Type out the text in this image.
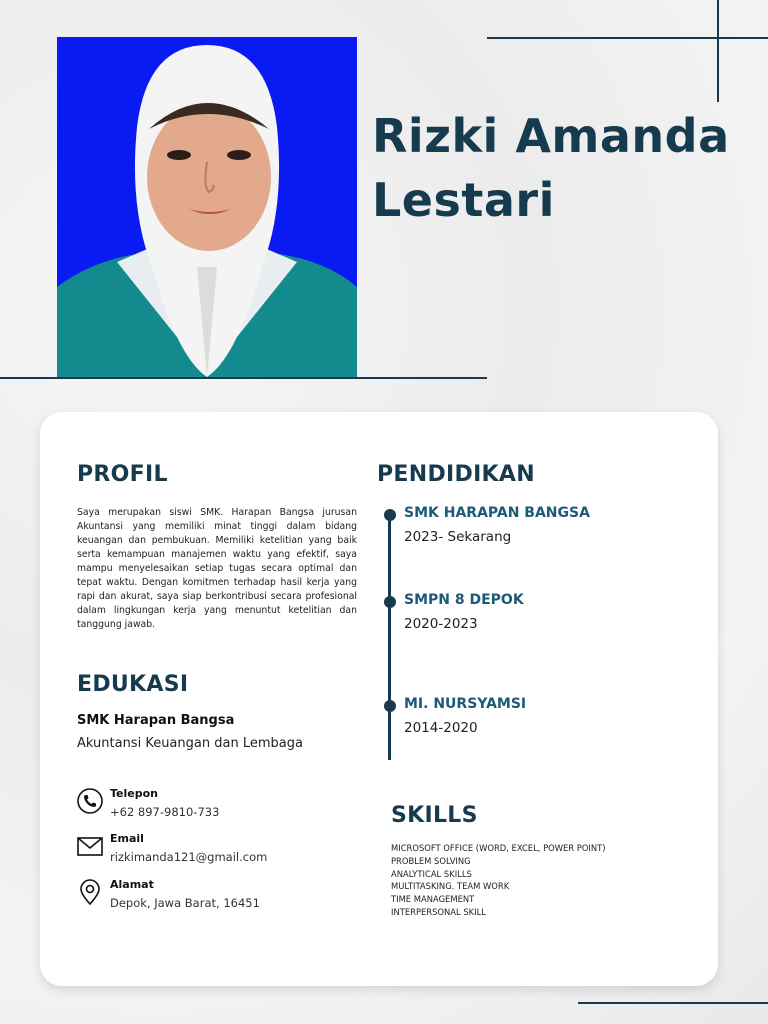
Rizki Amanda
Lestari
PROFIL
Saya merupakan siswi SMK. Harapan Bangsa jurusan Akuntansi yang memiliki minat tinggi dalam bidang keuangan dan pembukuan. Memiliki ketelitian yang baik serta kemampuan manajemen waktu yang efektif, saya mampu menyelesaikan setiap tugas secara optimal dan tepat waktu. Dengan komitmen terhadap hasil kerja yang rapi dan akurat, saya siap berkontribusi secara profesional dalam lingkungan kerja yang menuntut ketelitian dan tanggung jawab.
EDUKASI
SMK Harapan Bangsa
Akuntansi Keuangan dan Lembaga
Telepon
+62 897-9810-733
Email
rizkimanda121@gmail.com
Alamat
Depok, Jawa Barat, 16451
PENDIDIKAN
SMK HARAPAN BANGSA
2023- Sekarang
SMPN 8 DEPOK
2020-2023
MI. NURSYAMSI
2014-2020
SKILLS
MICROSOFT OFFICE (WORD, EXCEL, POWER POINT)
PROBLEM SOLVING
ANALYTICAL SKILLS
MULTITASKING. TEAM WORK
TIME MANAGEMENT
INTERPERSONAL SKILL
